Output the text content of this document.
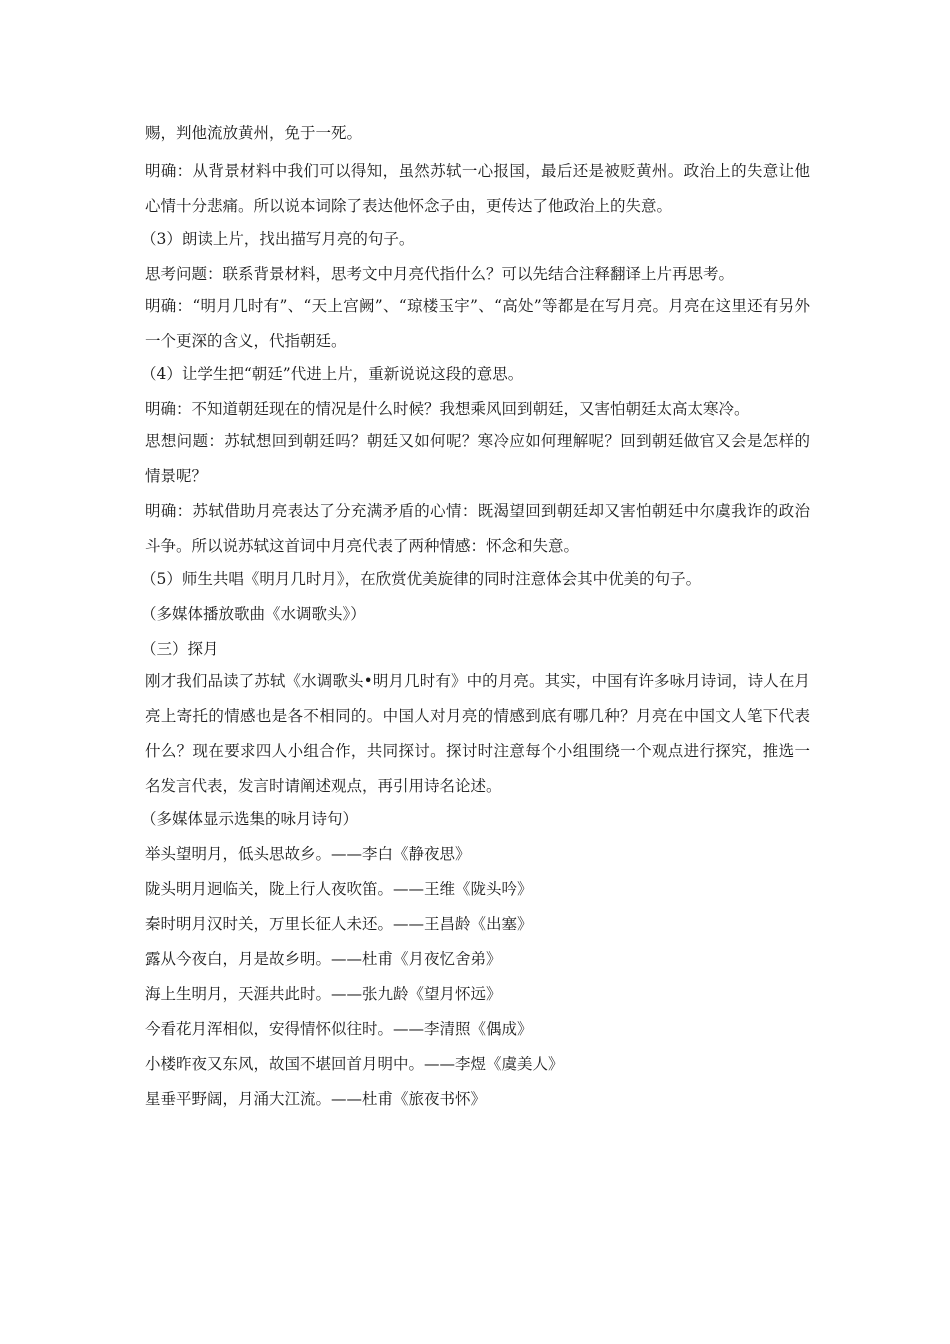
赐，判他流放黄州，免于一死。
明确：从背景材料中我们可以得知，虽然苏轼一心报国，最后还是被贬黄州。政治上的失意让他心情十分悲痛。所以说本词除了表达他怀念子由，更传达了他政治上的失意。
（3）朗读上片，找出描写月亮的句子。
思考问题：联系背景材料，思考文中月亮代指什么？可以先结合注释翻译上片再思考。
明确：“明月几时有”、“天上宫阙”、“琼楼玉宇”、“高处”等都是在写月亮。月亮在这里还有另外一个更深的含义，代指朝廷。
（4）让学生把“朝廷”代进上片，重新说说这段的意思。
明确：不知道朝廷现在的情况是什么时候？我想乘风回到朝廷，又害怕朝廷太高太寒冷。
思想问题：苏轼想回到朝廷吗？朝廷又如何呢？寒冷应如何理解呢？回到朝廷做官又会是怎样的情景呢？
明确：苏轼借助月亮表达了分充满矛盾的心情：既渴望回到朝廷却又害怕朝廷中尔虞我诈的政治斗争。所以说苏轼这首词中月亮代表了两种情感：怀念和失意。
（5）师生共唱《明月几时月》，在欣赏优美旋律的同时注意体会其中优美的句子。
（多媒体播放歌曲《水调歌头》）
（三）探月
刚才我们品读了苏轼《水调歌头•明月几时有》中的月亮。其实，中国有许多咏月诗词，诗人在月亮上寄托的情感也是各不相同的。中国人对月亮的情感到底有哪几种？月亮在中国文人笔下代表什么？现在要求四人小组合作，共同探讨。探讨时注意每个小组围绕一个观点进行探究，推选一名发言代表，发言时请阐述观点，再引用诗名论述。
（多媒体显示选集的咏月诗句）
举头望明月，低头思故乡。——李白《静夜思》
陇头明月迥临关，陇上行人夜吹笛。——王维《陇头吟》
秦时明月汉时关，万里长征人未还。——王昌龄《出塞》
露从今夜白，月是故乡明。——杜甫《月夜忆舍弟》
海上生明月，天涯共此时。——张九龄《望月怀远》
今看花月浑相似，安得情怀似往时。——李清照《偶成》
小楼昨夜又东风，故国不堪回首月明中。——李煜《虞美人》
星垂平野阔，月涌大江流。——杜甫《旅夜书怀》
